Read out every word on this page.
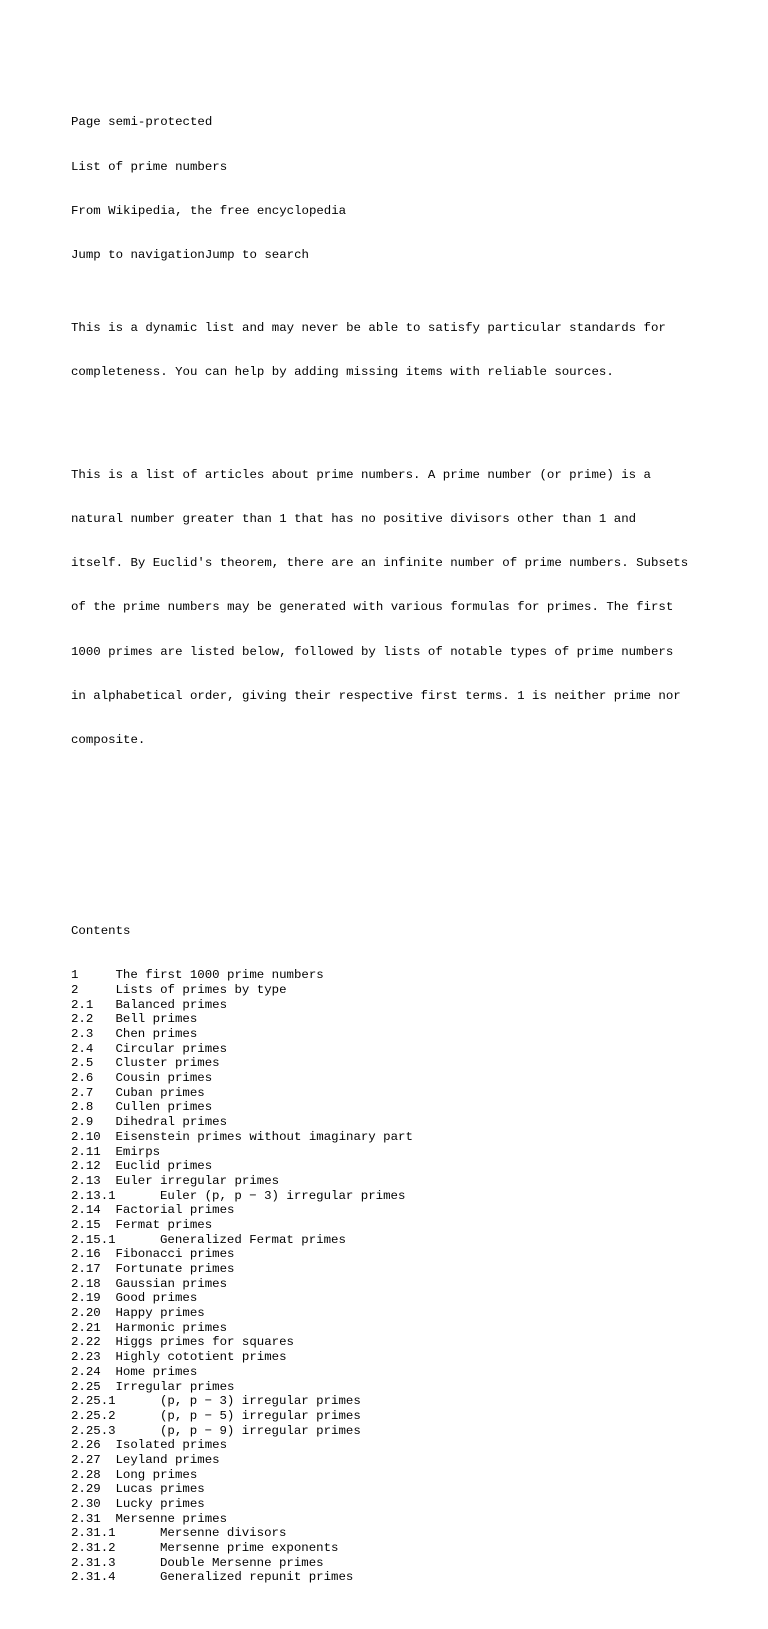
Page semi-protected

List of prime numbers

From Wikipedia, the free encyclopedia

Jump to navigationJump to search

This is a dynamic list and may never be able to satisfy particular standards for

completeness. You can help by adding missing items with reliable sources.

This is a list of articles about prime numbers. A prime number (or prime) is a

natural number greater than 1 that has no positive divisors other than 1 and

itself. By Euclid's theorem, there are an infinite number of prime numbers. Subsets

of the prime numbers may be generated with various formulas for primes. The first

1000 primes are listed below, followed by lists of notable types of prime numbers

in alphabetical order, giving their respective first terms. 1 is neither prime nor

composite.

Contents

1	The first 1000 prime numbers
2	Lists of primes by type
2.1 Balanced primes
2.2 Bell primes
2.3 Chen primes
2.4 Circular primes
2.5 Cluster primes
2.6 Cousin primes
2.7 Cuban primes
2.8 Cullen primes
2.9 Dihedral primes
2.10 Eisenstein primes without imaginary part
2.11 Emirps
2.12 Euclid primes
2.13 Euler irregular primes
2.13.1	Euler (p, p − 3) irregular primes
2.14 Factorial primes
2.15 Fermat primes
2.15.1	Generalized Fermat primes
2.16 Fibonacci primes
2.17 Fortunate primes
2.18 Gaussian primes
2.19 Good primes
2.20 Happy primes
2.21 Harmonic primes
2.22 Higgs primes for squares
2.23 Highly cototient primes
2.24 Home primes
2.25 Irregular primes
2.25.1	(p, p − 3) irregular primes
2.25.2	(p, p − 5) irregular primes
2.25.3	(p, p − 9) irregular primes
2.26 Isolated primes
2.27 Leyland primes
2.28 Long primes
2.29 Lucas primes
2.30 Lucky primes
2.31 Mersenne primes
2.31.1	Mersenne divisors
2.31.2	Mersenne prime exponents
2.31.3	Double Mersenne primes
2.31.4	Generalized repunit primes
